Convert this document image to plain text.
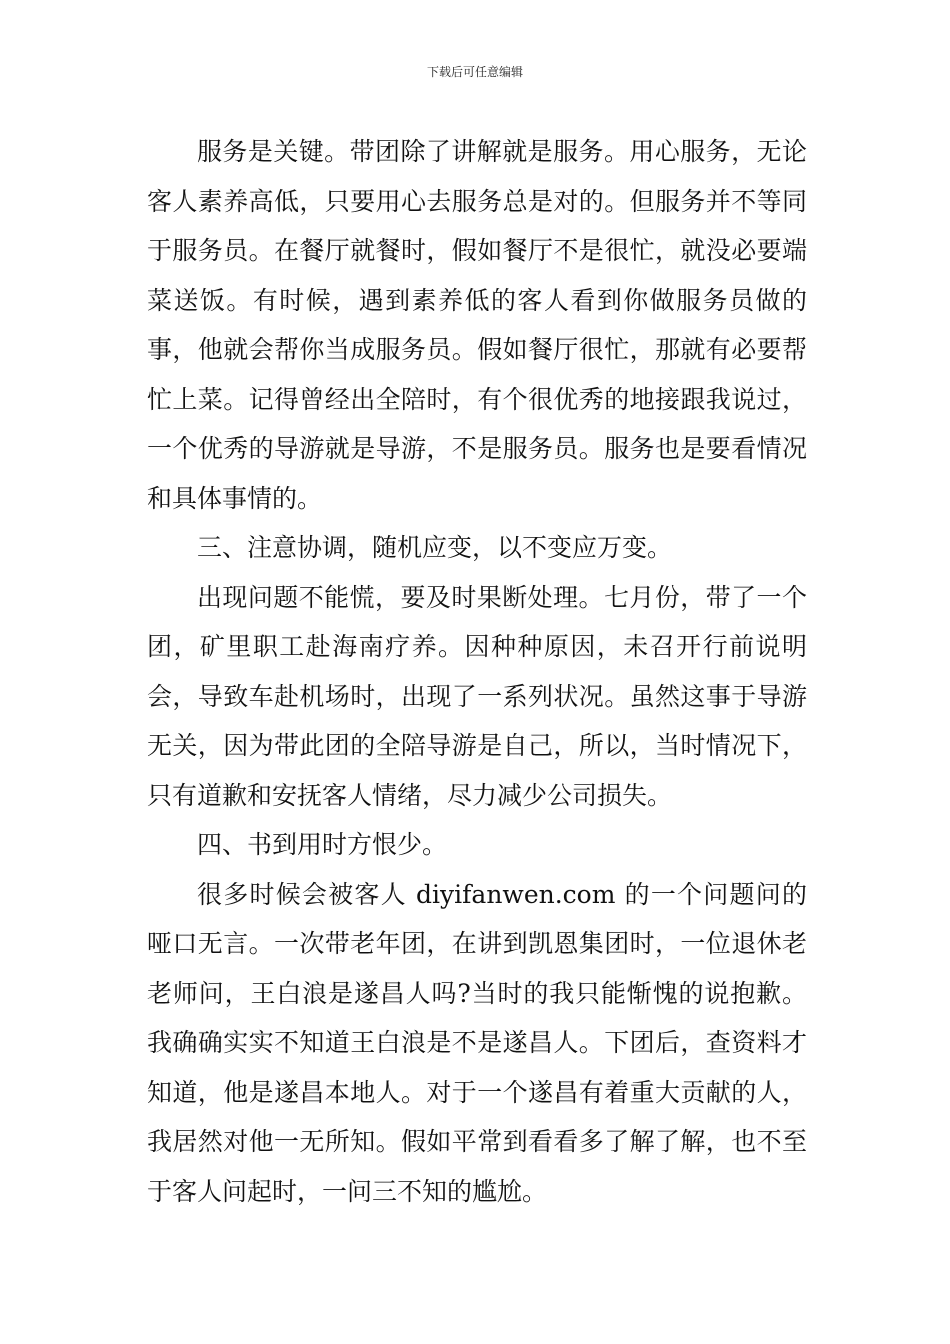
下载后可任意编辑

服务是关键。带团除了讲解就是服务。用心服务，无论客人素养高低，只要用心去服务总是对的。但服务并不等同于服务员。在餐厅就餐时，假如餐厅不是很忙，就没必要端菜送饭。有时候，遇到素养低的客人看到你做服务员做的事，他就会帮你当成服务员。假如餐厅很忙，那就有必要帮忙上菜。记得曾经出全陪时，有个很优秀的地接跟我说过，一个优秀的导游就是导游，不是服务员。服务也是要看情况和具体事情的。

三、注意协调，随机应变，以不变应万变。

出现问题不能慌，要及时果断处理。七月份，带了一个团，矿里职工赴海南疗养。因种种原因，未召开行前说明会，导致车赴机场时，出现了一系列状况。虽然这事于导游无关，因为带此团的全陪导游是自己，所以，当时情况下，只有道歉和安抚客人情绪，尽力减少公司损失。

四、书到用时方恨少。

很多时候会被客人 diyifanwen.com 的一个问题问的哑口无言。一次带老年团，在讲到凯恩集团时，一位退休老老师问，王白浪是遂昌人吗?当时的我只能惭愧的说抱歉。我确确实实不知道王白浪是不是遂昌人。下团后，查资料才知道，他是遂昌本地人。对于一个遂昌有着重大贡献的人，我居然对他一无所知。假如平常到看看多了解了解，也不至于客人问起时，一问三不知的尴尬。
